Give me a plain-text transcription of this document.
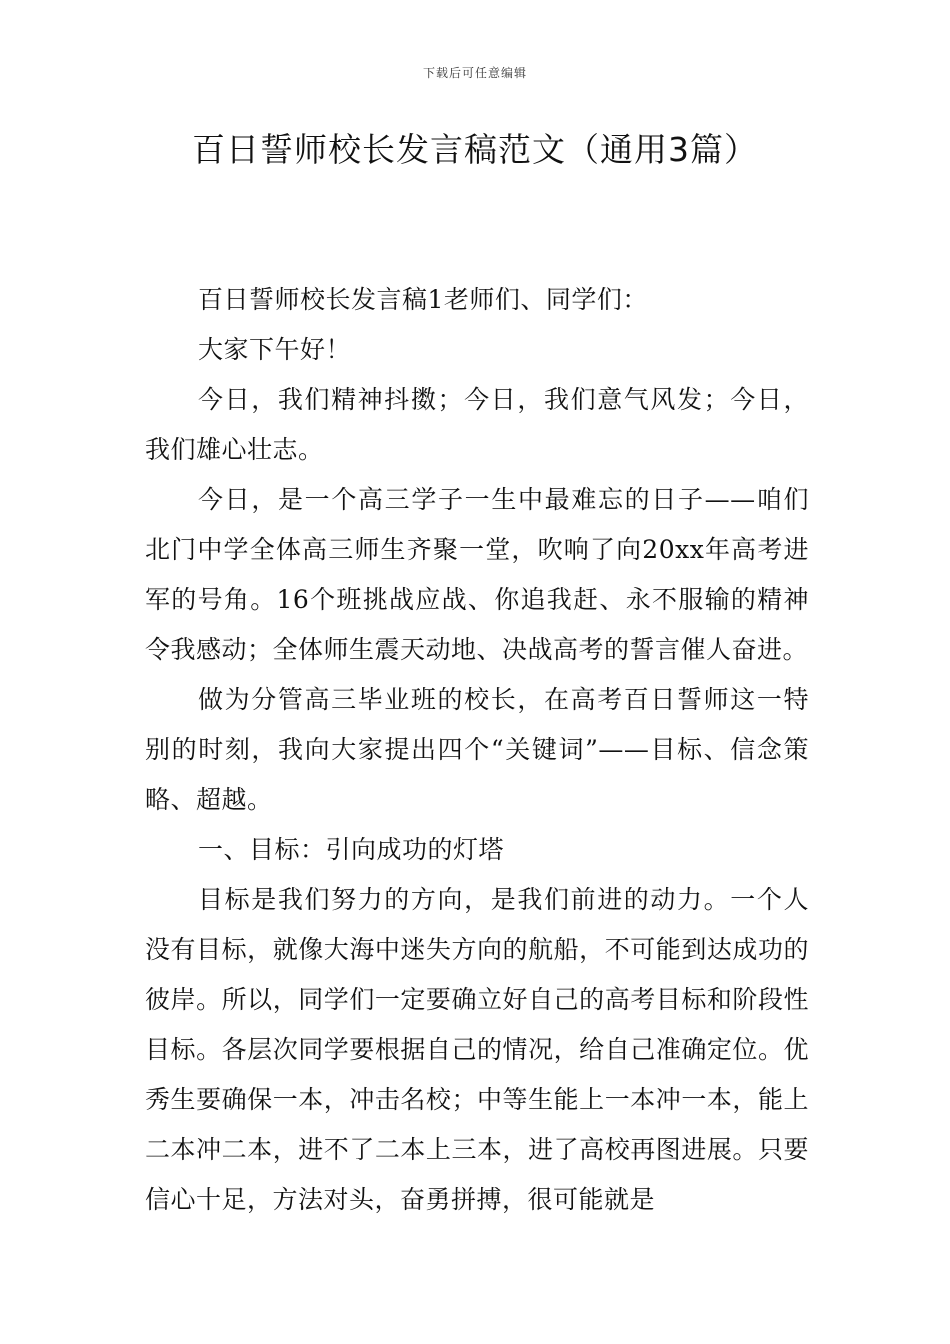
下载后可任意编辑
百日誓师校长发言稿范文（通用3篇）

百日誓师校长发言稿1老师们、同学们：

大家下午好！

今日，我们精神抖擞；今日，我们意气风发；今日，我们雄心壮志。

今日，是一个高三学子一生中最难忘的日子——咱们北门中学全体高三师生齐聚一堂，吹响了向20xx年高考进军的号角。16个班挑战应战、你追我赶、永不服输的精神令我感动；全体师生震天动地、决战高考的誓言催人奋进。

做为分管高三毕业班的校长，在高考百日誓师这一特别的时刻，我向大家提出四个“关键词”——目标、信念策略、超越。

一、目标：引向成功的灯塔

目标是我们努力的方向，是我们前进的动力。一个人没有目标，就像大海中迷失方向的航船，不可能到达成功的彼岸。所以，同学们一定要确立好自己的高考目标和阶段性目标。各层次同学要根据自己的情况，给自己准确定位。优秀生要确保一本，冲击名校；中等生能上一本冲一本，能上二本冲二本，进不了二本上三本，进了高校再图进展。只要信心十足，方法对头，奋勇拼搏，很可能就是
